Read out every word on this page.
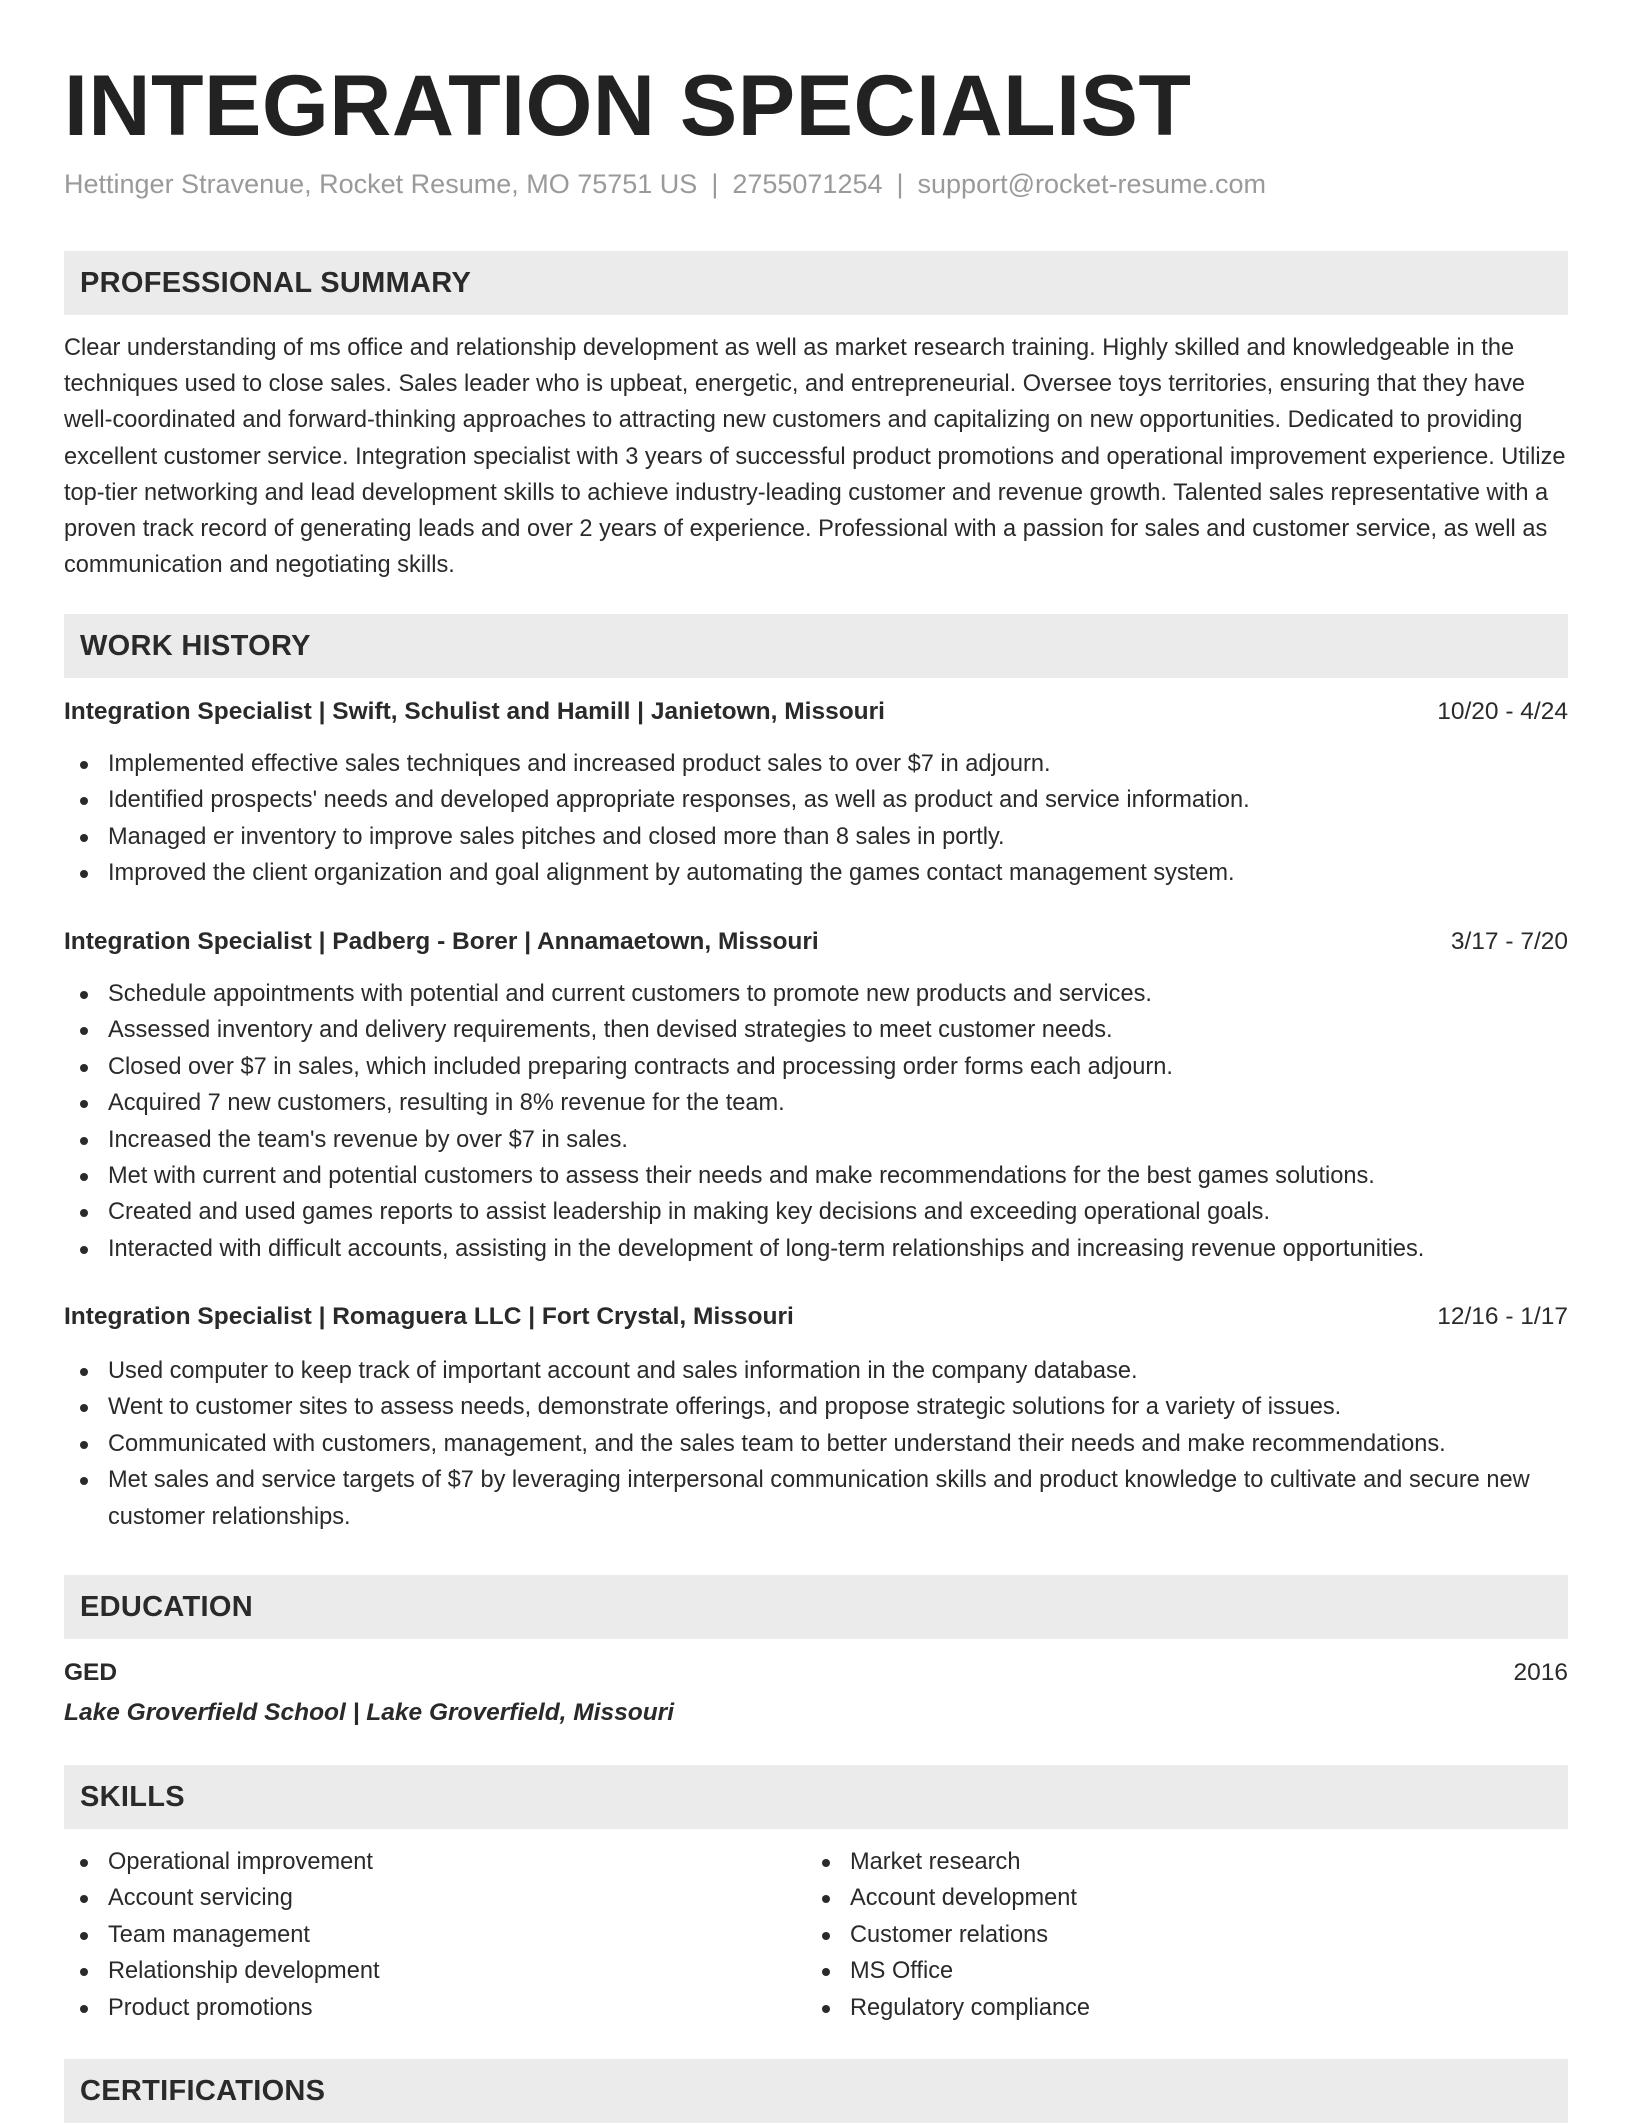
INTEGRATION SPECIALIST
Hettinger Stravenue, Rocket Resume, MO 75751 US | 2755071254 | support@rocket-resume.com
PROFESSIONAL SUMMARY

Clear understanding of ms office and relationship development as well as market research training. Highly skilled and knowledgeable in the techniques used to close sales. Sales leader who is upbeat, energetic, and entrepreneurial. Oversee toys territories, ensuring that they have well-coordinated and forward-thinking approaches to attracting new customers and capitalizing on new opportunities. Dedicated to providing excellent customer service. Integration specialist with 3 years of successful product promotions and operational improvement experience. Utilize top-tier networking and lead development skills to achieve industry-leading customer and revenue growth. Talented sales representative with a proven track record of generating leads and over 2 years of experience. Professional with a passion for sales and customer service, as well as communication and negotiating skills.

WORK HISTORY
Integration Specialist | Swift, Schulist and Hamill | Janietown, Missouri	10/20 - 4/24
Implemented effective sales techniques and increased product sales to over $7 in adjourn.
Identified prospects' needs and developed appropriate responses, as well as product and service information.
Managed er inventory to improve sales pitches and closed more than 8 sales in portly.
Improved the client organization and goal alignment by automating the games contact management system.
Integration Specialist | Padberg - Borer | Annamaetown, Missouri	3/17 - 7/20
Schedule appointments with potential and current customers to promote new products and services.
Assessed inventory and delivery requirements, then devised strategies to meet customer needs.
Closed over $7 in sales, which included preparing contracts and processing order forms each adjourn.
Acquired 7 new customers, resulting in 8% revenue for the team.
Increased the team's revenue by over $7 in sales.
Met with current and potential customers to assess their needs and make recommendations for the best games solutions.
Created and used games reports to assist leadership in making key decisions and exceeding operational goals.
Interacted with difficult accounts, assisting in the development of long-term relationships and increasing revenue opportunities.
Integration Specialist | Romaguera LLC | Fort Crystal, Missouri	12/16 - 1/17
Used computer to keep track of important account and sales information in the company database.
Went to customer sites to assess needs, demonstrate offerings, and propose strategic solutions for a variety of issues.
Communicated with customers, management, and the sales team to better understand their needs and make recommendations.
Met sales and service targets of $7 by leveraging interpersonal communication skills and product knowledge to cultivate and secure new customer relationships.
EDUCATION
GED	2016
Lake Groverfield School | Lake Groverfield, Missouri
SKILLS
Operational improvement
Account servicing
Team management
Relationship development
Product promotions
Market research
Account development
Customer relations
MS Office
Regulatory compliance
CERTIFICATIONS
